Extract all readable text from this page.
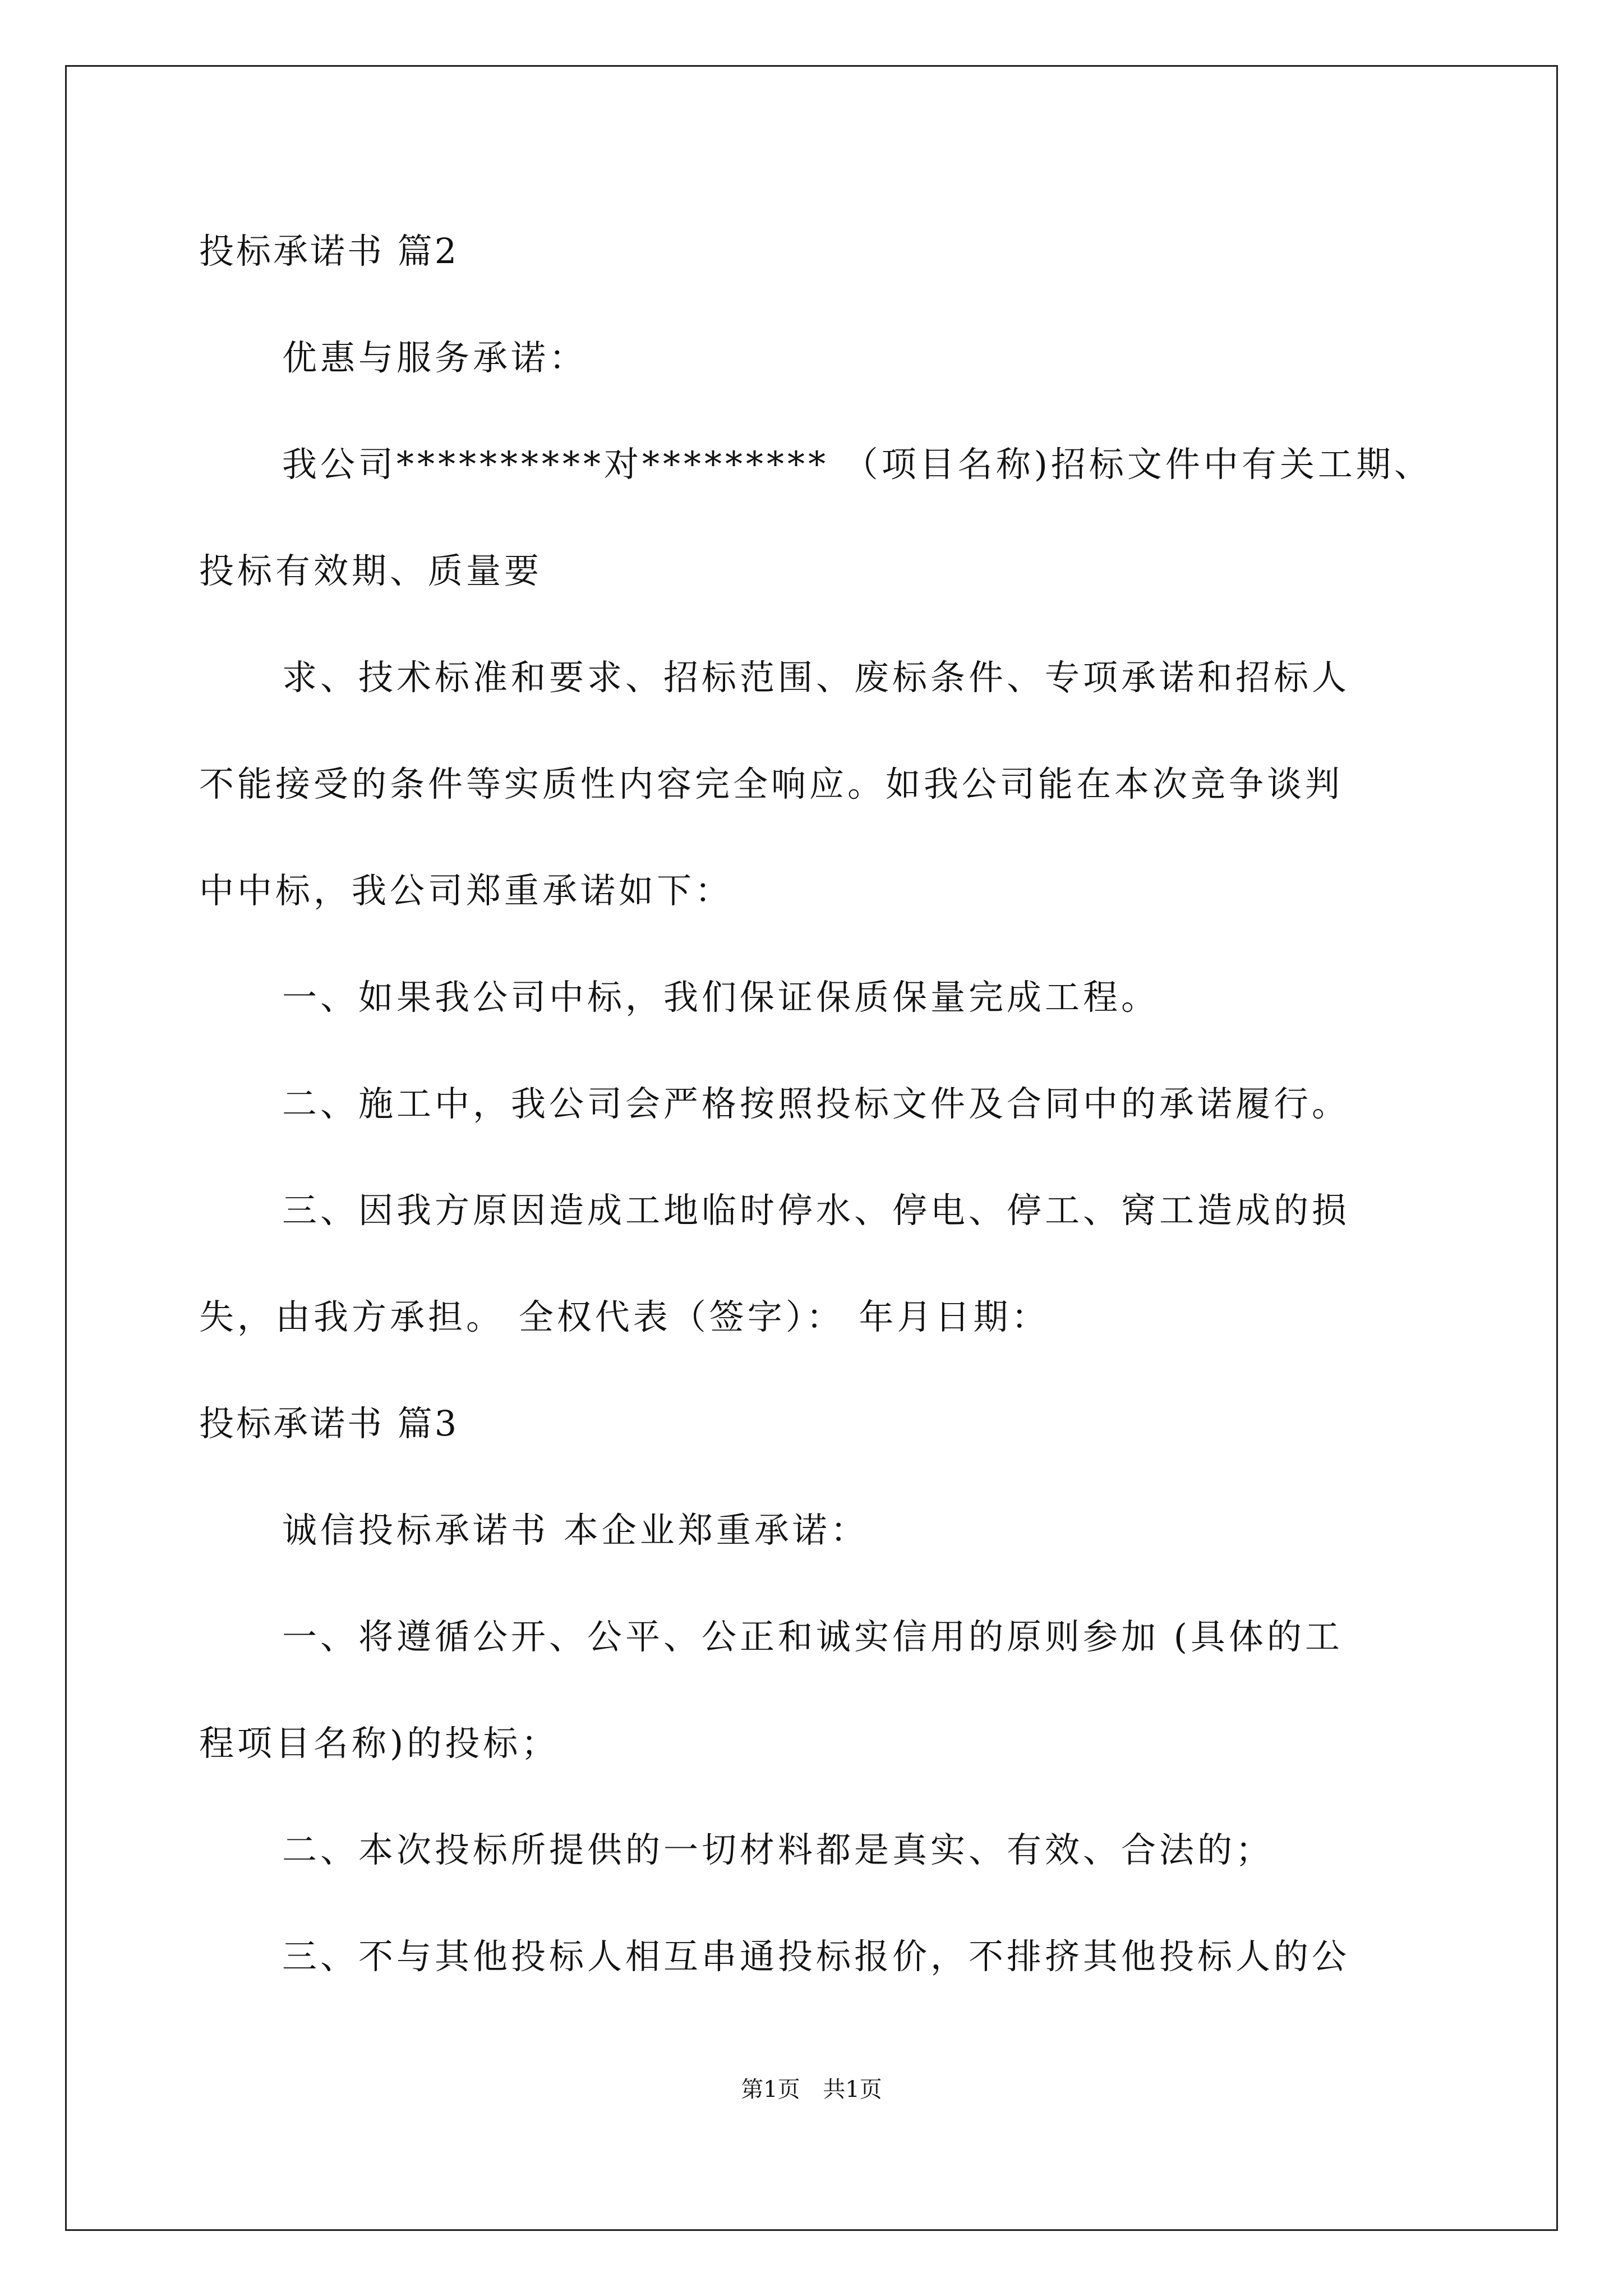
投标承诺书 篇2
优惠与服务承诺：
我公司**********对********* （项目名称)招标文件中有关工期、
投标有效期、质量要
求、技术标准和要求、招标范围、废标条件、专项承诺和招标人
不能接受的条件等实质性内容完全响应。如我公司能在本次竞争谈判
中中标，我公司郑重承诺如下：
一、如果我公司中标，我们保证保质保量完成工程。
二、施工中，我公司会严格按照投标文件及合同中的承诺履行。
三、因我方原因造成工地临时停水、停电、停工、窝工造成的损
失，由我方承担。 全权代表（签字）： 年月日期：
投标承诺书 篇3
诚信投标承诺书 本企业郑重承诺：
一、将遵循公开、公平、公正和诚实信用的原则参加 (具体的工
程项目名称)的投标；
二、本次投标所提供的一切材料都是真实、有效、合法的；
三、不与其他投标人相互串通投标报价，不排挤其他投标人的公
第1页 共1页
